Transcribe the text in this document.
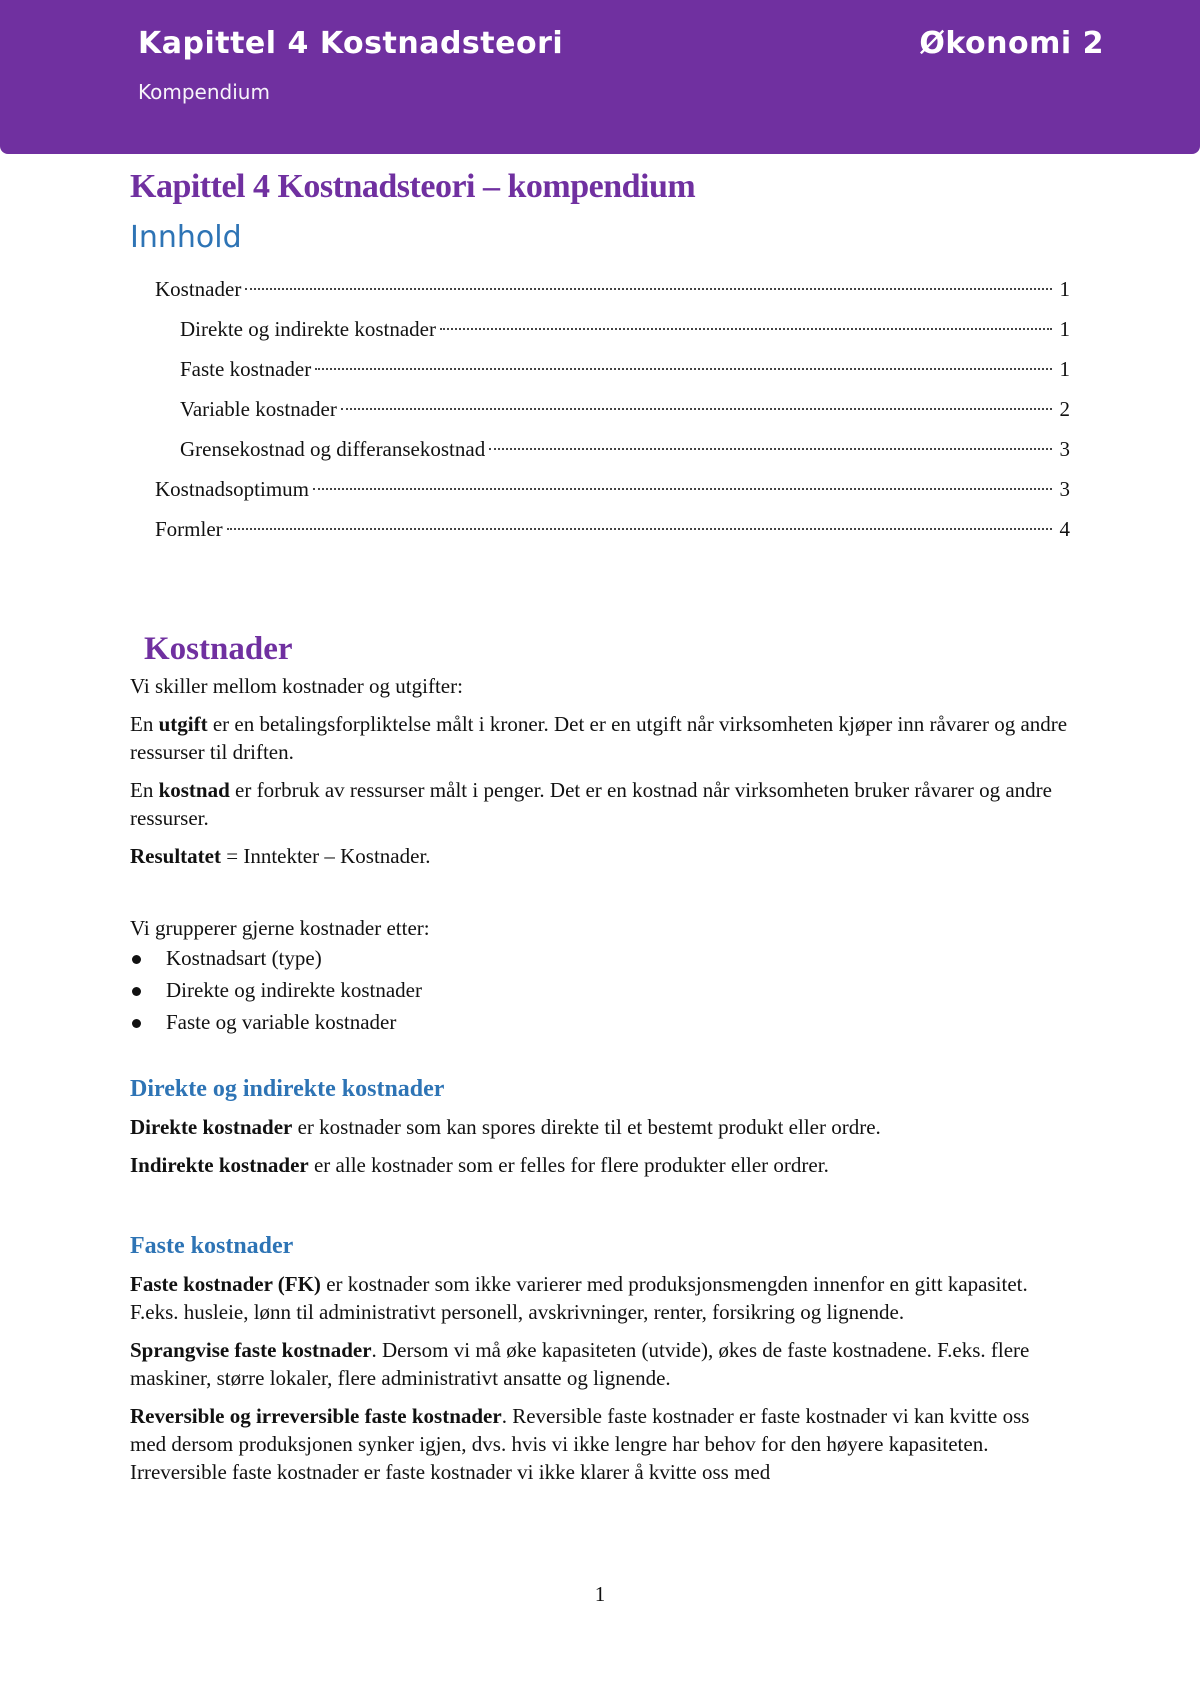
Kapittel 4 Kostnadsteori	Økonomi 2
Kompendium
Kapittel 4 Kostnadsteori – kompendium
Innhold
Kostnader	1
Direkte og indirekte kostnader	1
Faste kostnader	1
Variable kostnader	2
Grensekostnad og differansekostnad	3
Kostnadsoptimum	3
Formler	4
Kostnader

Vi skiller mellom kostnader og utgifter:

En utgift er en betalingsforpliktelse målt i kroner. Det er en utgift når virksomheten kjøper inn råvarer og andre ressurser til driften.

En kostnad er forbruk av ressurser målt i penger. Det er en kostnad når virksomheten bruker råvarer og andre ressurser.

Resultatet = Inntekter – Kostnader.

Vi grupperer gjerne kostnader etter:

Kostnadsart (type)
Direkte og indirekte kostnader
Faste og variable kostnader
Direkte og indirekte kostnader

Direkte kostnader er kostnader som kan spores direkte til et bestemt produkt eller ordre.

Indirekte kostnader er alle kostnader som er felles for flere produkter eller ordrer.

Faste kostnader

Faste kostnader (FK) er kostnader som ikke varierer med produksjonsmengden innenfor en gitt kapasitet. F.eks. husleie, lønn til administrativt personell, avskrivninger, renter, forsikring og lignende.

Sprangvise faste kostnader. Dersom vi må øke kapasiteten (utvide), økes de faste kostnadene. F.eks. flere maskiner, større lokaler, flere administrativt ansatte og lignende.

Reversible og irreversible faste kostnader. Reversible faste kostnader er faste kostnader vi kan kvitte oss med dersom produksjonen synker igjen, dvs. hvis vi ikke lengre har behov for den høyere kapasiteten. Irreversible faste kostnader er faste kostnader vi ikke klarer å kvitte oss med

1
